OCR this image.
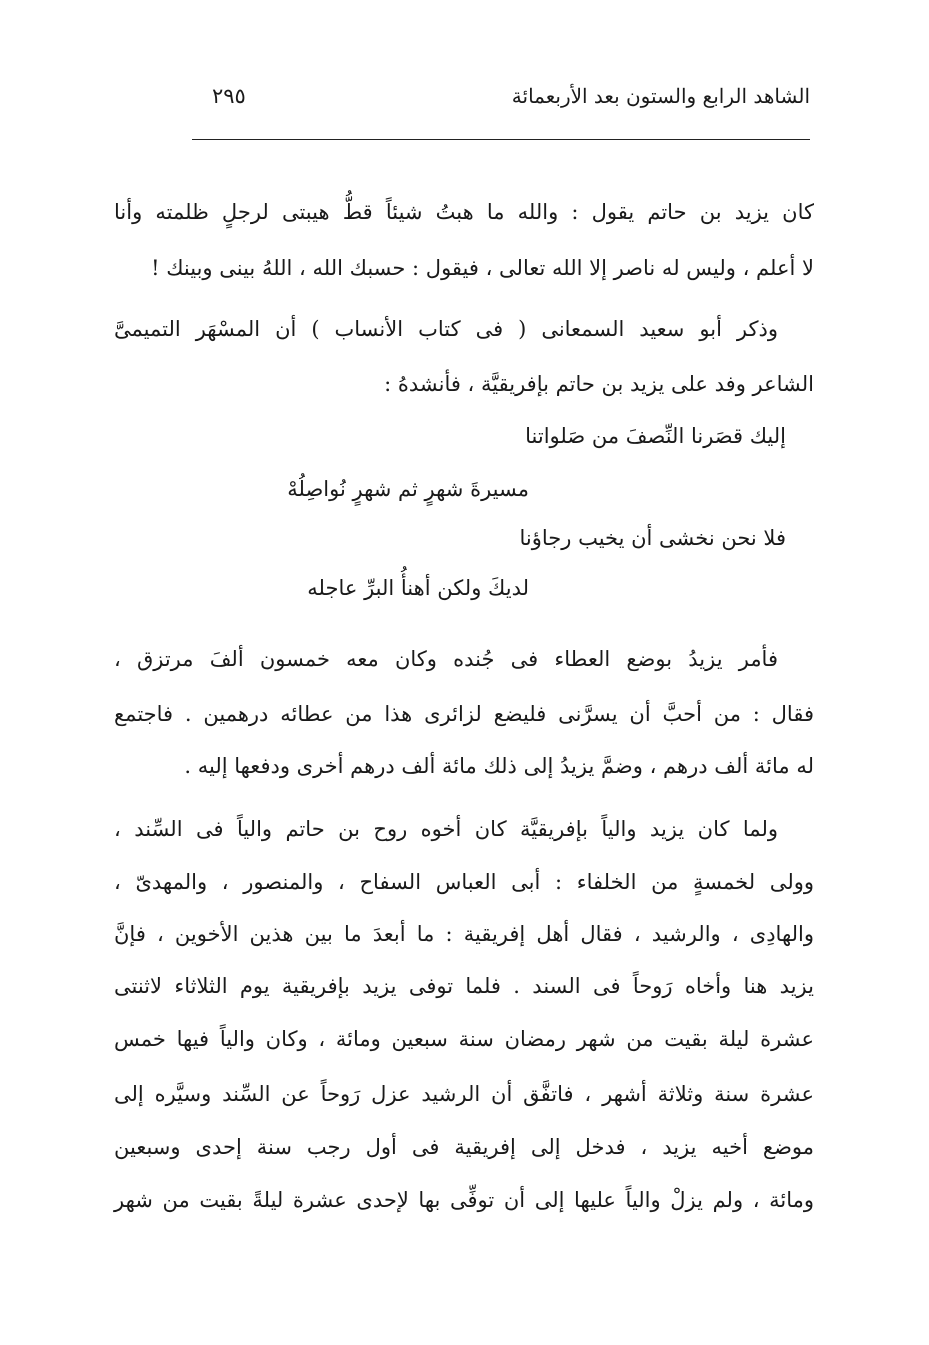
الشاهد الرابع والستون بعد الأربعمائة
٢٩٥
كان يزيد بن حاتم يقول : والله ما هبتُ شيئاً قطُّ هيبتى لرجلٍ ظلمته وأنا
لا أعلم ، وليس له ناصر إلا الله تعالى ، فيقول : حسبك الله ، اللهُ بينى وبينك !
وذكر أبو سعيد السمعانى ( فى كتاب الأنساب ) أن المسْهَر التميمىَّ
الشاعر وفد على يزيد بن حاتم بإفريقيَّة ، فأنشدهُ :
إليك قصَرنا النِّصفَ من صَلواتنا
مسيرةَ شهرٍ ثم شهرٍ نُواصِلُهْ
فلا نحن نخشى أن يخيب رجاؤنا
لديكَ ولكن أهنأُ البرِّ عاجله
فأمر يزيدُ بوضع العطاء فى جُنده وكان معه خمسون ألفَ مرتزق ،
فقال : من أحبَّ أن يسرَّنى فليضع لزائرى هذا من عطائه درهمين . فاجتمع
له مائة ألف درهم ، وضمَّ يزيدُ إلى ذلك مائة ألف درهم أخرى ودفعها إليه .
ولما كان يزيد والياً بإفريقيَّة كان أخوه روح بن حاتم والياً فى السِّند ،
وولى لخمسةٍ من الخلفاء : أبى العباس السفاح ، والمنصور ، والمهدىّ ،
والهادِى ، والرشيد ، فقال أهل إفريقية : ما أبعدَ ما بين هذين الأخوين ، فإنَّ
يزيد هنا وأخاه رَوحاً فى السند . فلما توفى يزيد بإفريقية يوم الثلاثاء لاثنتى
عشرة ليلة بقيت من شهر رمضان سنة سبعين ومائة ، وكان والياً فيها خمس
عشرة سنة وثلاثة أشهر ، فاتفَّق أن الرشيد عزل رَوحاً عن السِّند وسيَّره إلى
موضع أخيه يزيد ، فدخل إلى إفريقية فى أول رجب سنة إحدى وسبعين
ومائة ، ولم يزلْ والياً عليها إلى أن توفِّى بها لإحدى عشرة ليلةً بقيت من شهر
